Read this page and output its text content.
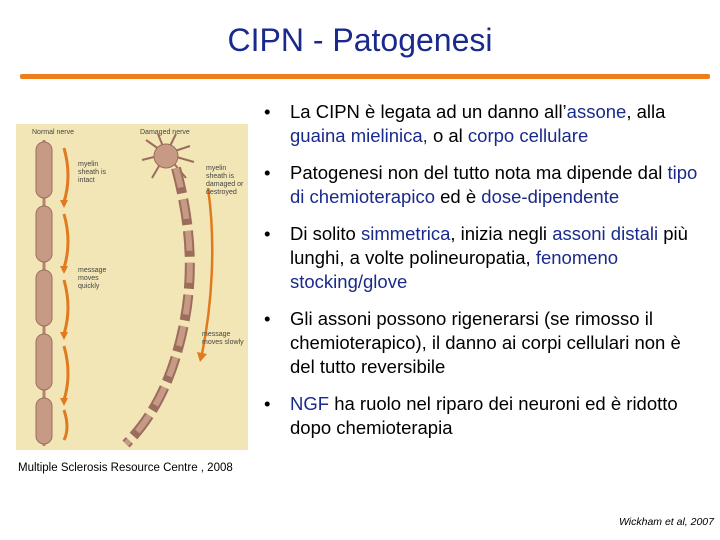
CIPN - Patogenesi
Normal nerve	Damaged nerve
myelin sheath is intact
message moves quickly
myelin sheath is damaged or destroyed
message moves slowly
Multiple Sclerosis Resource Centre , 2008
• La CIPN è legata ad un danno all’assone, alla guaina mielinica, o al corpo cellulare
• Patogenesi non del tutto nota ma dipende dal tipo di chemioterapico ed è dose-dipendente
• Di solito simmetrica, inizia negli assoni distali più lunghi, a volte polineuropatia, fenomeno stocking/glove
• Gli assoni possono rigenerarsi (se rimosso il chemioterapico), il danno ai corpi cellulari non è del tutto reversibile
• NGF ha ruolo nel riparo dei neuroni ed è ridotto dopo chemioterapia
Wickham et al, 2007
